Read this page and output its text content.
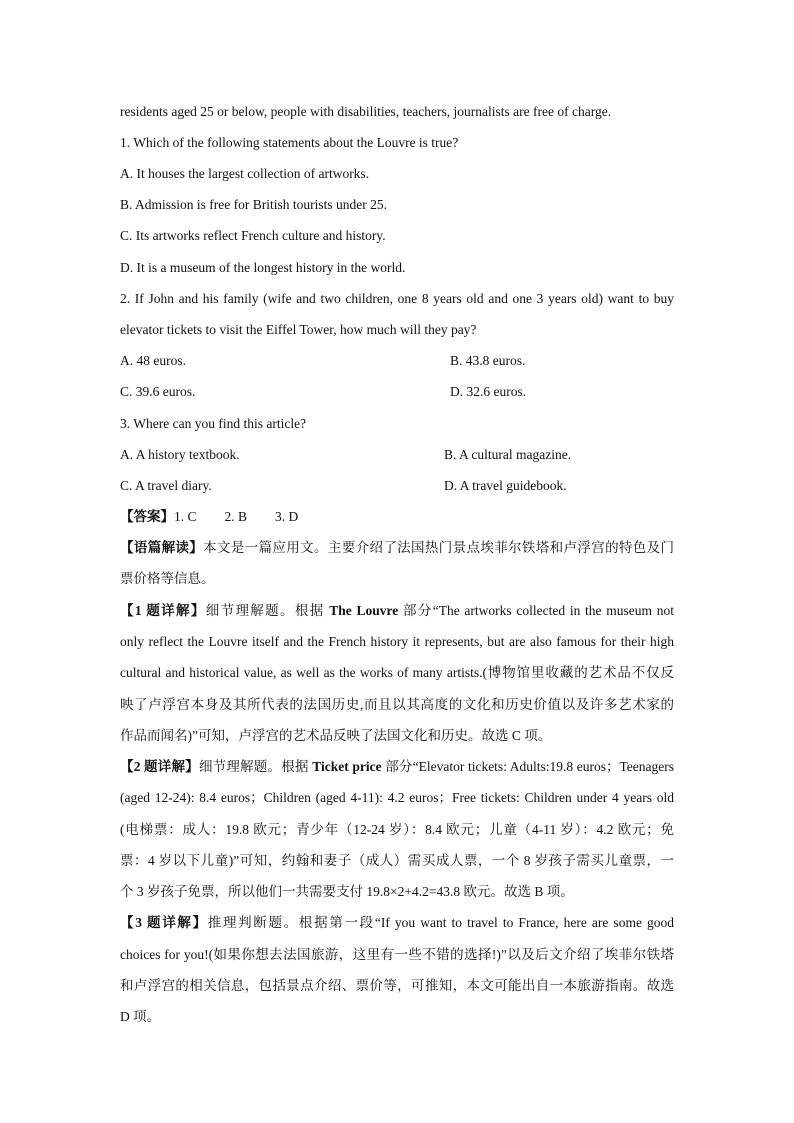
residents aged 25 or below, people with disabilities, teachers, journalists are free of charge.
1. Which of the following statements about the Louvre is true?
A. It houses the largest collection of artworks.
B. Admission is free for British tourists under 25.
C. Its artworks reflect French culture and history.
D. It is a museum of the longest history in the world.
2. If John and his family (wife and two children, one 8 years old and one 3 years old) want to buy
elevator tickets to visit the Eiffel Tower, how much will they pay?
A. 48 euros.	B. 43.8 euros.
C. 39.6 euros.	D. 32.6 euros.
3. Where can you find this article?
A. A history textbook.	B. A cultural magazine.
C. A travel diary.	D. A travel guidebook.
【答案】1. C 2. B 3. D
【语篇解读】本文是一篇应用文。主要介绍了法国热门景点埃菲尔铁塔和卢浮宫的特色及门
票价格等信息。
【1 题详解】细节理解题。根据 The Louvre 部分“The artworks collected in the museum not
only reflect the Louvre itself and the French history it represents, but are also famous for their high
cultural and historical value, as well as the works of many artists.(博物馆里收藏的艺术品不仅反
映了卢浮宫本身及其所代表的法国历史,而且以其高度的文化和历史价值以及许多艺术家的
作品而闻名)”可知，卢浮宫的艺术品反映了法国文化和历史。故选 C 项。
【2 题详解】细节理解题。根据 Ticket price 部分“Elevator tickets: Adults:19.8 euros；Teenagers
(aged 12-24): 8.4 euros；Children (aged 4-11): 4.2 euros；Free tickets: Children under 4 years old
(电梯票：成人：19.8 欧元；青少年（12-24 岁）：8.4 欧元；儿童（4-11 岁）：4.2 欧元；免
票：4 岁以下儿童)”可知，约翰和妻子（成人）需买成人票，一个 8 岁孩子需买儿童票，一
个 3 岁孩子免票，所以他们一共需要支付 19.8×2+4.2=43.8 欧元。故选 B 项。
【3 题详解】推理判断题。根据第一段“If you want to travel to France, here are some good
choices for you!(如果你想去法国旅游，这里有一些不错的选择!)”以及后文介绍了埃菲尔铁塔
和卢浮宫的相关信息，包括景点介绍、票价等，可推知，本文可能出自一本旅游指南。故选
D 项。
